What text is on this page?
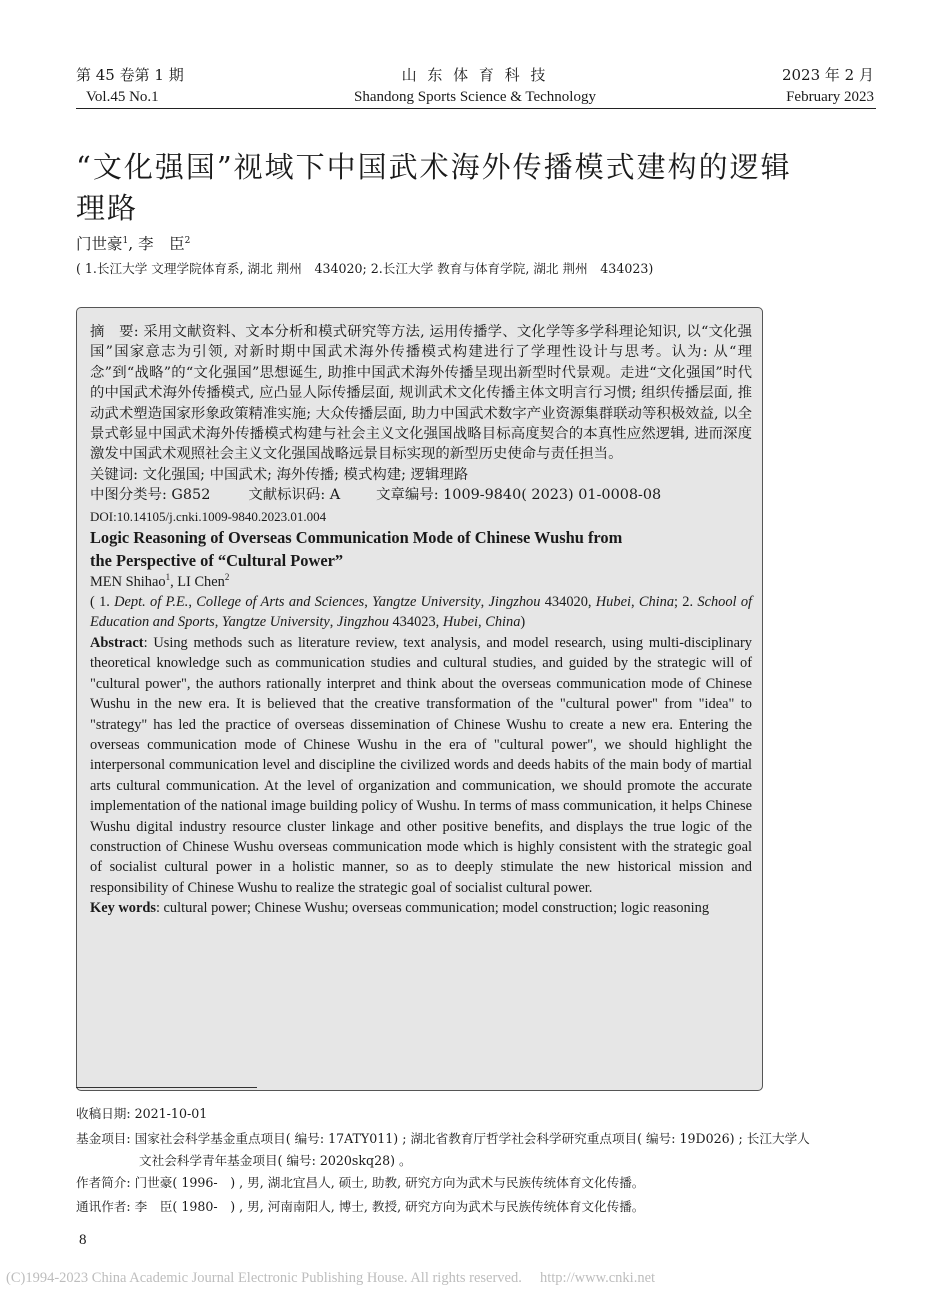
第 45 卷第 1 期	山 东 体 育 科 技	2023 年 2 月
Vol.45 No.1	Shandong Sports Science & Technology	February 2023
“文化强国”视域下中国武术海外传播模式建构的逻辑
理路
门世豪$^1$, 李　臣$^2$
( 1.长江大学 文理学院体育系, 湖北 荆州　434020; 2.长江大学 教育与体育学院, 湖北 荆州　434023)

摘　要: 采用文献资料、文本分析和模式研究等方法, 运用传播学、文化学等多学科理论知识, 以“文化强国”国家意志为引领, 对新时期中国武术海外传播模式构建进行了学理性设计与思考。认为: 从“理念”到“战略”的“文化强国”思想诞生, 助推中国武术海外传播呈现出新型时代景观。走进“文化强国”时代的中国武术海外传播模式, 应凸显人际传播层面, 规训武术文化传播主体文明言行习惯; 组织传播层面, 推动武术塑造国家形象政策精准实施; 大众传播层面, 助力中国武术数字产业资源集群联动等积极效益, 以全景式彰显中国武术海外传播模式构建与社会主义文化强国战略目标高度契合的本真性应然逻辑, 进而深度激发中国武术观照社会主义文化强国战略远景目标实现的新型历史使命与责任担当。

关键词: 文化强国; 中国武术; 海外传播; 模式构建; 逻辑理路

中图分类号: G852	文献标识码: A	文章编号: 1009-9840( 2023) 01-0008-08

DOI:10.14105/j.cnki.1009-9840.2023.01.004

Logic Reasoning of Overseas Communication Mode of Chinese Wushu from
the Perspective of “Cultural Power”

MEN Shihao$^1$, LI Chen$^2$

( 1. Dept. of P.E., College of Arts and Sciences, Yangtze University, Jingzhou 434020, Hubei, China; 2. School of Education and Sports, Yangtze University, Jingzhou 434023, Hubei, China)

Abstract: Using methods such as literature review, text analysis, and model research, using multi-disciplinary theoretical knowledge such as communication studies and cultural studies, and guided by the strategic will of "cultural power", the authors rationally interpret and think about the overseas communication mode of Chinese Wushu in the new era. It is believed that the creative transformation of the "cultural power" from "idea" to "strategy" has led the practice of overseas dissemination of Chinese Wushu to create a new era. Entering the overseas communication mode of Chinese Wushu in the era of "cultural power", we should highlight the interpersonal communication level and discipline the civilized words and deeds habits of the main body of martial arts cultural communication. At the level of organization and communication, we should promote the accurate implementation of the national image building policy of Wushu. In terms of mass communication, it helps Chinese Wushu digital industry resource cluster linkage and other positive benefits, and displays the true logic of the construction of Chinese Wushu overseas communication mode which is highly consistent with the strategic goal of socialist cultural power in a holistic manner, so as to deeply stimulate the new historical mission and responsibility of Chinese Wushu to realize the strategic goal of socialist cultural power.

Key words: cultural power; Chinese Wushu; overseas communication; model construction; logic reasoning

收稿日期: 2021-10-01
基金项目: 国家社会科学基金重点项目( 编号: 17ATY011) ; 湖北省教育厅哲学社会科学研究重点项目( 编号: 19D026) ; 长江大学人
文社会科学青年基金项目( 编号: 2020skq28) 。
作者简介: 门世豪( 1996-　) , 男, 湖北宜昌人, 硕士, 助教, 研究方向为武术与民族传统体育文化传播。
通讯作者: 李　臣( 1980-　) , 男, 河南南阳人, 博士, 教授, 研究方向为武术与民族传统体育文化传播。
8
(C)1994-2023 China Academic Journal Electronic Publishing House. All rights reserved.　 http://www.cnki.net
